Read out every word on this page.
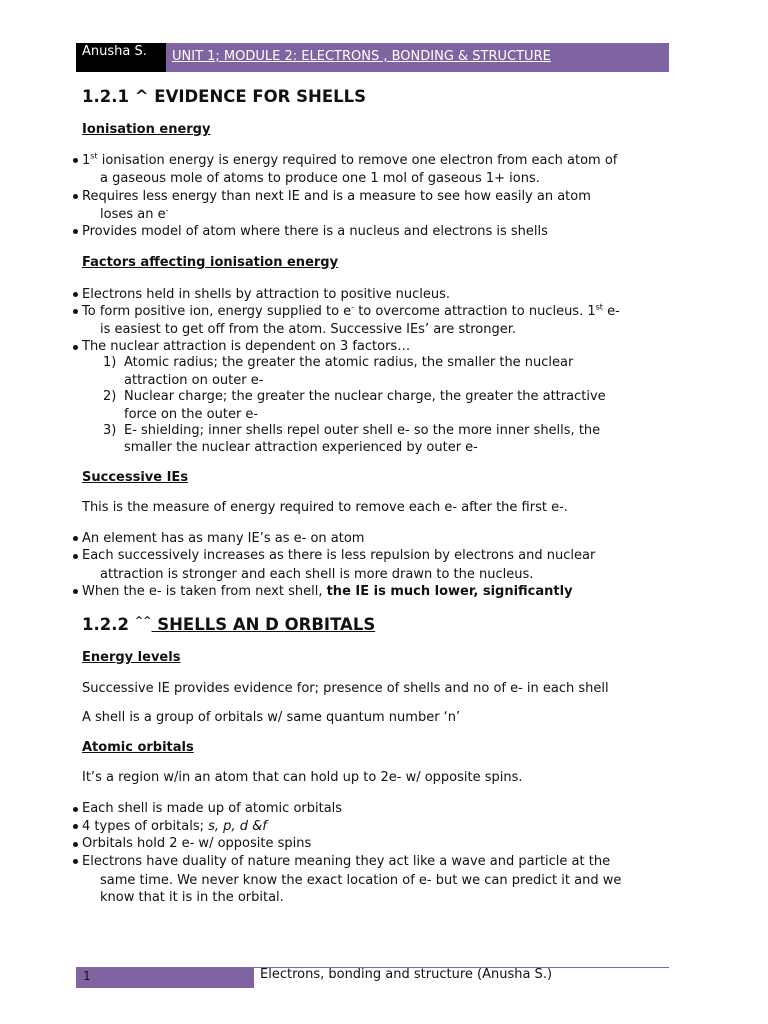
Anusha S.	UNIT 1; MODULE 2: ELECTRONS , BONDING & STRUCTURE
1.2.1 ^ EVIDENCE FOR SHELLS
Ionisation energy
1st ionisation energy is energy required to remove one electron from each atom of
a gaseous mole of atoms to produce one 1 mol of gaseous 1+ ions.
Requires less energy than next IE and is a measure to see how easily an atom
loses an e-
Provides model of atom where there is a nucleus and electrons is shells
Factors affecting ionisation energy
Electrons held in shells by attraction to positive nucleus.
To form positive ion, energy supplied to e- to overcome attraction to nucleus. 1st e-
is easiest to get off from the atom. Successive IEs’ are stronger.
The nuclear attraction is dependent on 3 factors…
1) Atomic radius; the greater the atomic radius, the smaller the nuclear
attraction on outer e-
2) Nuclear charge; the greater the nuclear charge, the greater the attractive
force on the outer e-
3) E- shielding; inner shells repel outer shell e- so the more inner shells, the
smaller the nuclear attraction experienced by outer e-
Successive IEs
This is the measure of energy required to remove each e- after the first e-.
An element has as many IE’s as e- on atom
Each successively increases as there is less repulsion by electrons and nuclear
attraction is stronger and each shell is more drawn to the nucleus.
When the e- is taken from next shell, the IE is much lower, significantly
1.2.2 ^^ SHELLS AN D ORBITALS
Energy levels
Successive IE provides evidence for; presence of shells and no of e- in each shell
A shell is a group of orbitals w/ same quantum number ‘n’
Atomic orbitals
It’s a region w/in an atom that can hold up to 2e- w/ opposite spins.
Each shell is made up of atomic orbitals
4 types of orbitals; s, p, d &f
Orbitals hold 2 e- w/ opposite spins
Electrons have duality of nature meaning they act like a wave and particle at the
same time. We never know the exact location of e- but we can predict it and we
know that it is in the orbital.
1	Electrons, bonding and structure (Anusha S.)
